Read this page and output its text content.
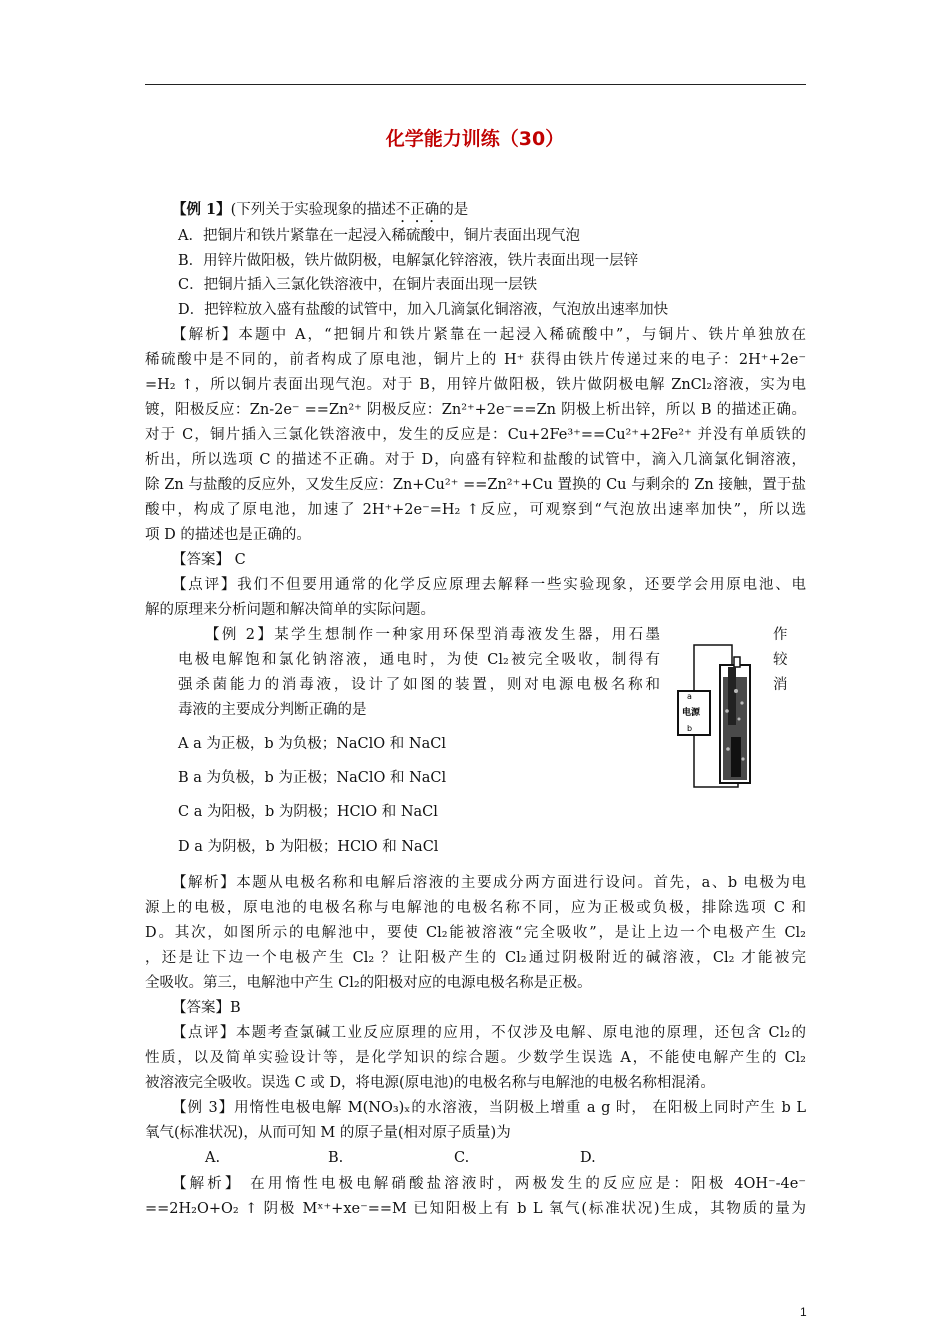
化学能力训练（30）
【例 1】(下列关于实验现象的描述不正确的是
A．把铜片和铁片紧靠在一起浸入稀硫酸中，铜片表面出现气泡
B．用锌片做阳极，铁片做阴极，电解氯化锌溶液，铁片表面出现一层锌
C．把铜片插入三氯化铁溶液中，在铜片表面出现一层铁
D．把锌粒放入盛有盐酸的试管中，加入几滴氯化铜溶液，气泡放出速率加快
【解析】本题中 A，“把铜片和铁片紧靠在一起浸入稀硫酸中”，与铜片、铁片单独放在
稀硫酸中是不同的，前者构成了原电池，铜片上的 H⁺ 获得由铁片传递过来的电子：2H⁺+2e⁻
=H₂ ↑，所以铜片表面出现气泡。对于 B，用锌片做阳极，铁片做阴极电解 ZnCl₂溶液，实为电
镀，阳极反应：Zn-2e⁻ ==Zn²⁺ 阴极反应：Zn²⁺+2e⁻==Zn 阴极上析出锌，所以 B 的描述正确。
对于 C，铜片插入三氯化铁溶液中，发生的反应是：Cu+2Fe³⁺==Cu²⁺+2Fe²⁺ 并没有单质铁的
析出，所以选项 C 的描述不正确。对于 D，向盛有锌粒和盐酸的试管中，滴入几滴氯化铜溶液，
除 Zn 与盐酸的反应外，又发生反应：Zn+Cu²⁺ ==Zn²⁺+Cu 置换的 Cu 与剩余的 Zn 接触，置于盐
酸中，构成了原电池，加速了 2H⁺+2e⁻=H₂ ↑反应，可观察到“气泡放出速率加快”，所以选
项 D 的描述也是正确的。
【答案】 C
【点评】我们不但要用通常的化学反应原理去解释一些实验现象，还要学会用原电池、电
解的原理来分析问题和解决简单的实际问题。
【例 2】某学生想制作一种家用环保型消毒液发生器，用石墨
电极电解饱和氯化钠溶液，通电时，为使 Cl₂被完全吸收，制得有
强杀菌能力的消毒液，设计了如图的装置，则对电源电极名称和
毒液的主要成分判断正确的是
作
较
消
a
电源
b
A a 为正极，b 为负极；NaClO 和 NaCl
B a 为负极，b 为正极；NaClO 和 NaCl
C a 为阳极，b 为阴极；HClO 和 NaCl
D a 为阴极，b 为阳极；HClO 和 NaCl
【解析】本题从电极名称和电解后溶液的主要成分两方面进行设问。首先，a、b 电极为电
源上的电极，原电池的电极名称与电解池的电极名称不同，应为正极或负极，排除选项 C 和
D。其次，如图所示的电解池中，要使 Cl₂能被溶液“完全吸收”，是让上边一个电极产生 Cl₂
，还是让下边一个电极产生 Cl₂ ？让阳极产生的 Cl₂通过阴极附近的碱溶液，Cl₂ 才能被完
全吸收。第三，电解池中产生 Cl₂的阳极对应的电源电极名称是正极。
【答案】B
【点评】本题考查氯碱工业反应原理的应用，不仅涉及电解、原电池的原理，还包含 Cl₂的
性质，以及简单实验设计等，是化学知识的综合题。少数学生误选 A，不能使电解产生的 Cl₂
被溶液完全吸收。误选 C 或 D，将电源(原电池)的电极名称与电解池的电极名称相混淆。
【例 3】用惰性电极电解 M(NO₃)ₓ的水溶液，当阴极上增重 a g 时， 在阳极上同时产生 b L
氧气(标准状况)，从而可知 M 的原子量(相对原子质量)为
A.	B.	C.	D.
【解析】 在用惰性电极电解硝酸盐溶液时，两极发生的反应应是：阳极 4OH⁻-4e⁻
==2H₂O+O₂ ↑ 阴极 Mˣ⁺+xe⁻==M 已知阳极上有 b L 氧气(标准状况)生成，其物质的量为
1
